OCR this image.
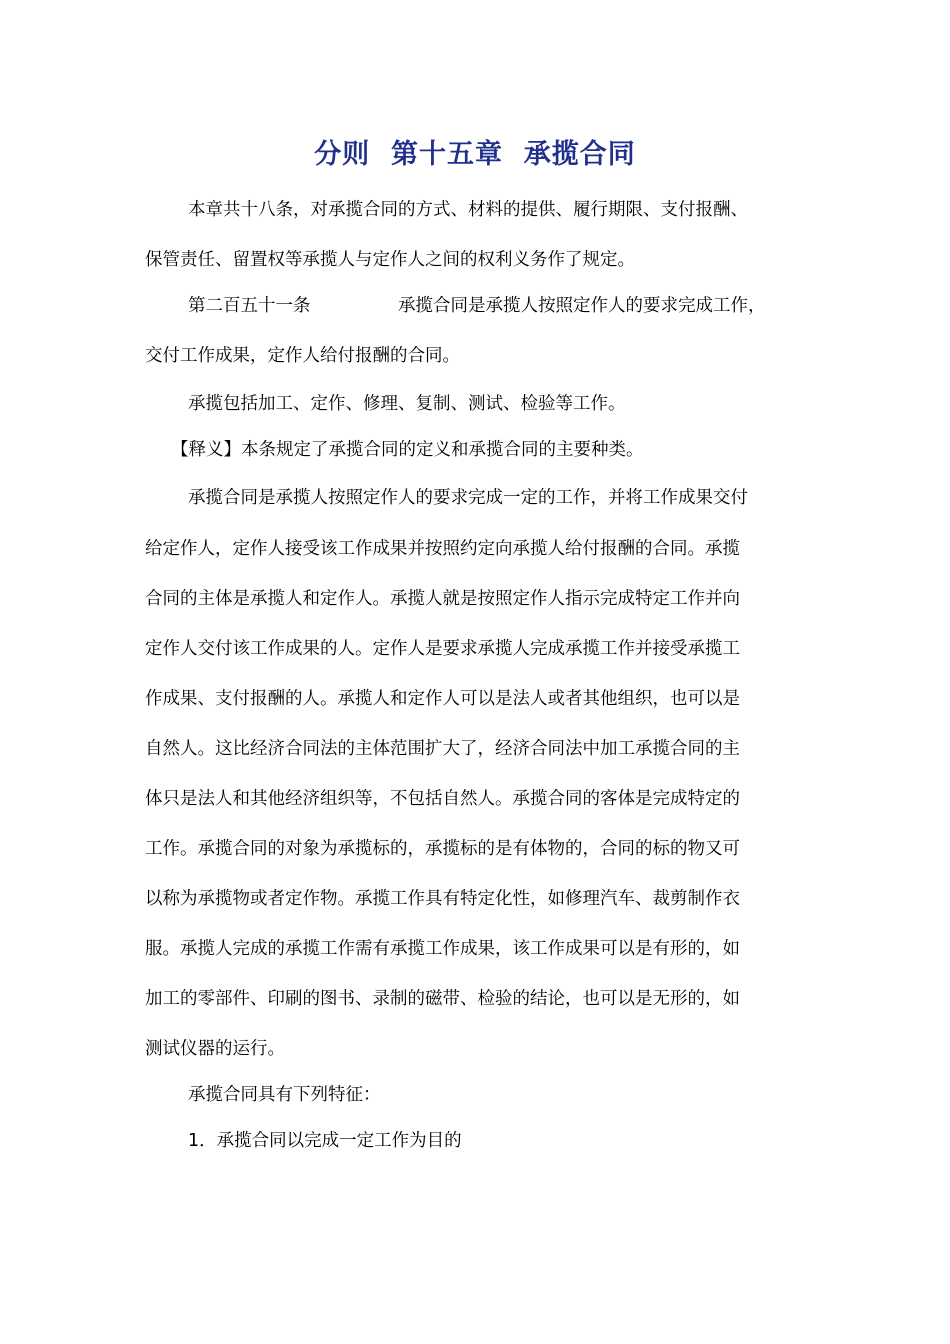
分则  第十五章  承揽合同

本章共十八条，对承揽合同的方式、材料的提供、履行期限、支付报酬、

保管责任、留置权等承揽人与定作人之间的权利义务作了规定。

第二百五十一条	承揽合同是承揽人按照定作人的要求完成工作，

交付工作成果，定作人给付报酬的合同。

承揽包括加工、定作、修理、复制、测试、检验等工作。

【释义】本条规定了承揽合同的定义和承揽合同的主要种类。

承揽合同是承揽人按照定作人的要求完成一定的工作，并将工作成果交付

给定作人，定作人接受该工作成果并按照约定向承揽人给付报酬的合同。承揽

合同的主体是承揽人和定作人。承揽人就是按照定作人指示完成特定工作并向

定作人交付该工作成果的人。定作人是要求承揽人完成承揽工作并接受承揽工

作成果、支付报酬的人。承揽人和定作人可以是法人或者其他组织，也可以是

自然人。这比经济合同法的主体范围扩大了，经济合同法中加工承揽合同的主

体只是法人和其他经济组织等，不包括自然人。承揽合同的客体是完成特定的

工作。承揽合同的对象为承揽标的，承揽标的是有体物的，合同的标的物又可

以称为承揽物或者定作物。承揽工作具有特定化性，如修理汽车、裁剪制作衣

服。承揽人完成的承揽工作需有承揽工作成果，该工作成果可以是有形的，如

加工的零部件、印刷的图书、录制的磁带、检验的结论，也可以是无形的，如

测试仪器的运行。

承揽合同具有下列特征：

1．承揽合同以完成一定工作为目的
